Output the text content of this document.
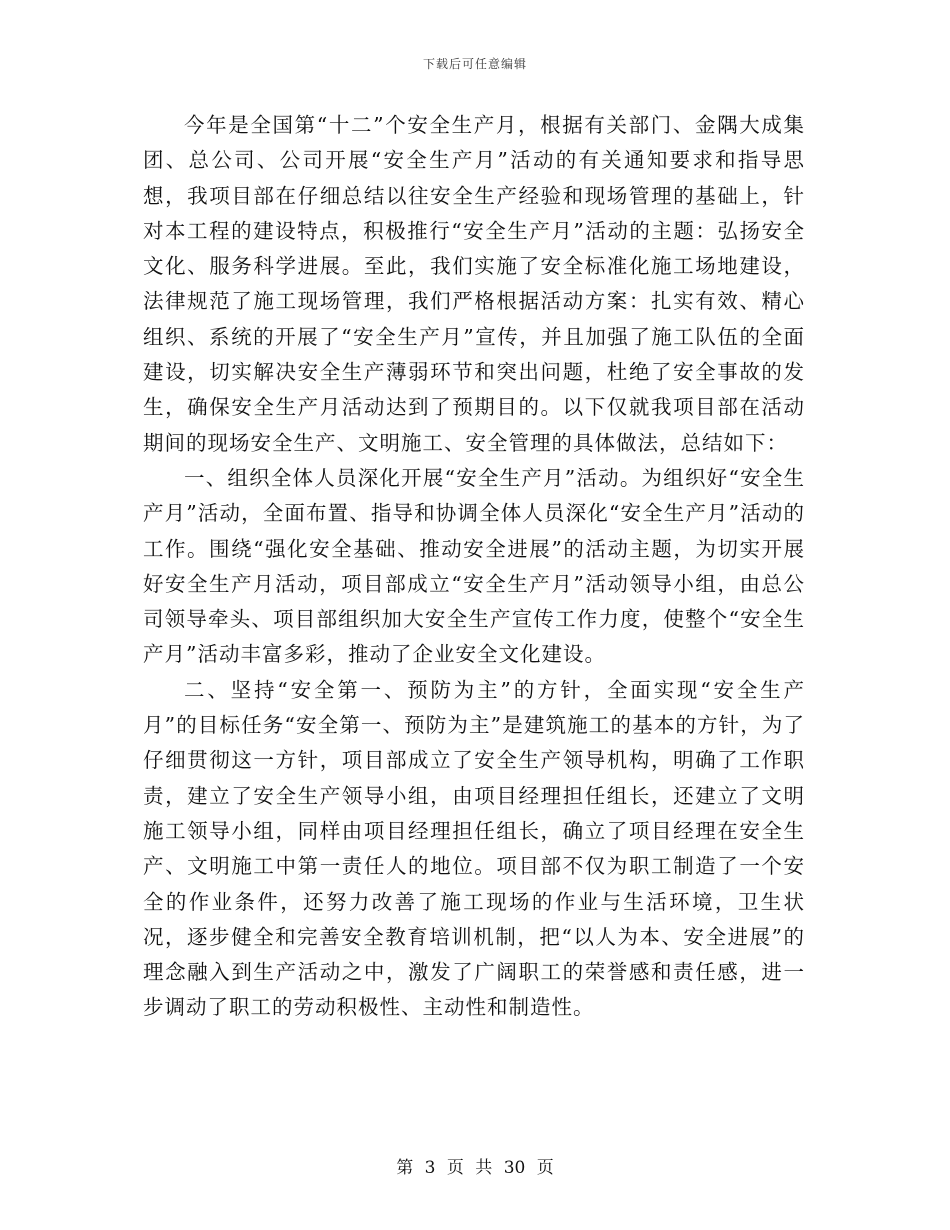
下载后可任意编辑

今年是全国第“十二”个安全生产月，根据有关部门、金隅大成集团、总公司、公司开展“安全生产月”活动的有关通知要求和指导思想，我项目部在仔细总结以往安全生产经验和现场管理的基础上，针对本工程的建设特点，积极推行“安全生产月”活动的主题：弘扬安全文化、服务科学进展。至此，我们实施了安全标准化施工场地建设，法律规范了施工现场管理，我们严格根据活动方案：扎实有效、精心组织、系统的开展了“安全生产月”宣传，并且加强了施工队伍的全面建设，切实解决安全生产薄弱环节和突出问题，杜绝了安全事故的发生，确保安全生产月活动达到了预期目的。以下仅就我项目部在活动期间的现场安全生产、文明施工、安全管理的具体做法，总结如下：

一、组织全体人员深化开展“安全生产月”活动。为组织好“安全生产月”活动，全面布置、指导和协调全体人员深化“安全生产月”活动的工作。围绕“强化安全基础、推动安全进展”的活动主题，为切实开展好安全生产月活动，项目部成立“安全生产月”活动领导小组，由总公司领导牵头、项目部组织加大安全生产宣传工作力度，使整个“安全生产月”活动丰富多彩，推动了企业安全文化建设。

二、坚持“安全第一、预防为主”的方针，全面实现“安全生产月”的目标任务“安全第一、预防为主”是建筑施工的基本的方针，为了仔细贯彻这一方针，项目部成立了安全生产领导机构，明确了工作职责，建立了安全生产领导小组，由项目经理担任组长，还建立了文明施工领导小组，同样由项目经理担任组长，确立了项目经理在安全生产、文明施工中第一责任人的地位。项目部不仅为职工制造了一个安全的作业条件，还努力改善了施工现场的作业与生活环境，卫生状况，逐步健全和完善安全教育培训机制，把“以人为本、安全进展”的理念融入到生产活动之中，激发了广阔职工的荣誉感和责任感，进一步调动了职工的劳动积极性、主动性和制造性。

第 3 页 共 30 页
